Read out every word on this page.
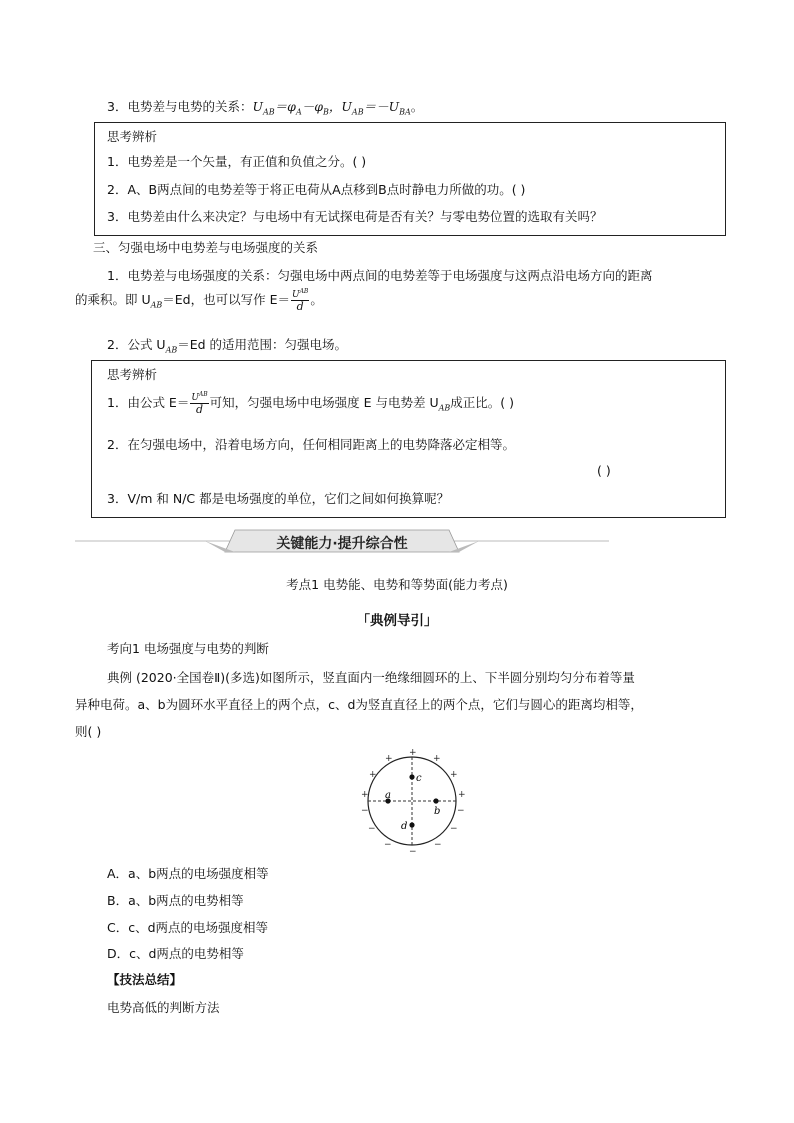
3．电势差与电势的关系：$U_{AB}=\varphi_A-\varphi_B$，$U_{AB}=-U_{BA}$。
思考辨析
1．电势差是一个矢量，有正值和负值之分。( )
2．A、B两点间的电势差等于将正电荷从A点移到B点时静电力所做的功。( )
3．电势差由什么来决定？与电场中有无试探电荷是否有关？与零电势位置的选取有关吗？
三、匀强电场中电势差与电场强度的关系
1．电势差与电场强度的关系：匀强电场中两点间的电势差等于电场强度与这两点沿电场方向的距离
的乘积。即 $U_{AB}=Ed$，也可以写作 $E= \frac{U^{AB}}{d}$ 。
2．公式 $U_{AB}=Ed$ 的适用范围：匀强电场。
思考辨析
1．由公式 $E= \frac{U^{AB}}{d}$ 可知，匀强电场中电场强度 E 与电势差 $U_{AB}$成正比。( )
2．在匀强电场中，沿着电场方向，任何相同距离上的电势降落必定相等。
( )
3．V/m 和 N/C 都是电场强度的单位，它们之间如何换算呢？
关键能力·提升综合性
考点1 电势能、电势和等势面(能力考点)
「典例导引」
考向1 电场强度与电势的判断
典例 (2020·全国卷Ⅱ)(多选)如图所示，竖直面内一绝缘细圆环的上、下半圆分别均匀分布着等量
异种电荷。a、b为圆环水平直径上的两个点，c、d为竖直直径上的两个点，它们与圆心的距离均相等，
则( )
a
b
c
d
+
+	+
+	+
+	+
−	−
−	−
−	−
−
A．a、b两点的电场强度相等
B．a、b两点的电势相等
C．c、d两点的电场强度相等
D．c、d两点的电势相等
【技法总结】
电势高低的判断方法
